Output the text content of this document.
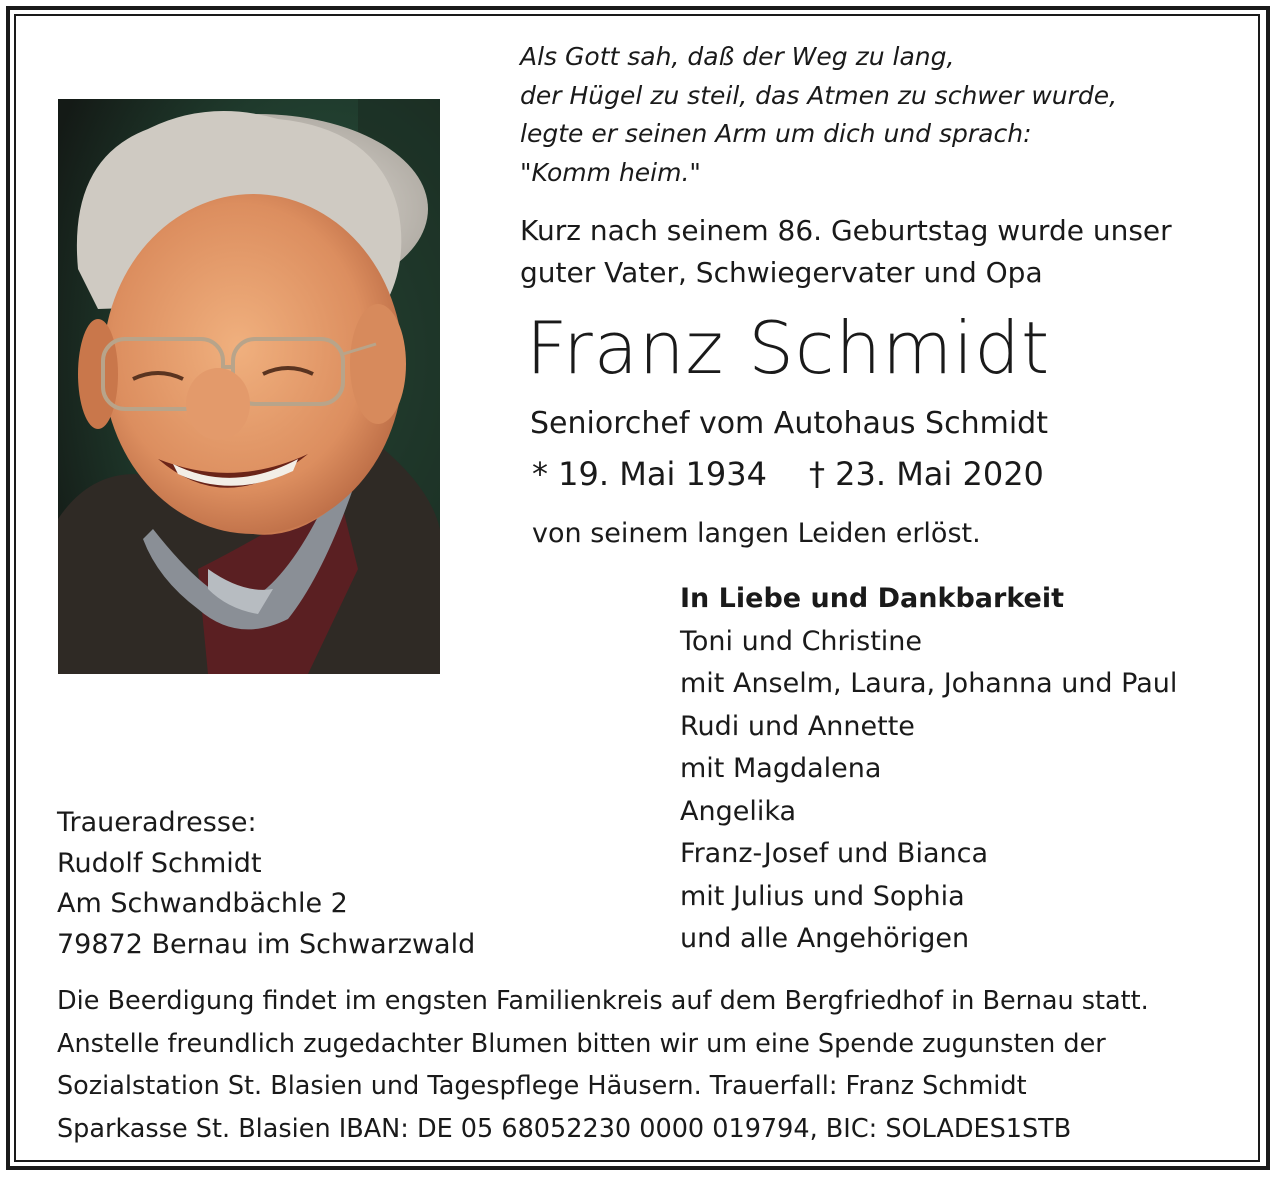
Als Gott sah, daß der Weg zu lang,
der Hügel zu steil, das Atmen zu schwer wurde,
legte er seinen Arm um dich und sprach:
"Komm heim."
Kurz nach seinem 86. Geburtstag wurde unser
guter Vater, Schwiegervater und Opa
Franz Schmidt
Seniorchef vom Autohaus Schmidt
* 19. Mai 1934 † 23. Mai 2020
von seinem langen Leiden erlöst.
In Liebe und Dankbarkeit
Toni und Christine
mit Anselm, Laura, Johanna und Paul
Rudi und Annette
mit Magdalena
Angelika
Franz-Josef und Bianca
mit Julius und Sophia
und alle Angehörigen
Traueradresse:
Rudolf Schmidt
Am Schwandbächle 2
79872 Bernau im Schwarzwald
Die Beerdigung findet im engsten Familienkreis auf dem Bergfriedhof in Bernau statt.
Anstelle freundlich zugedachter Blumen bitten wir um eine Spende zugunsten der
Sozialstation St. Blasien und Tagespflege Häusern. Trauerfall: Franz Schmidt
Sparkasse St. Blasien IBAN: DE 05 68052230 0000 019794, BIC: SOLADES1STB
